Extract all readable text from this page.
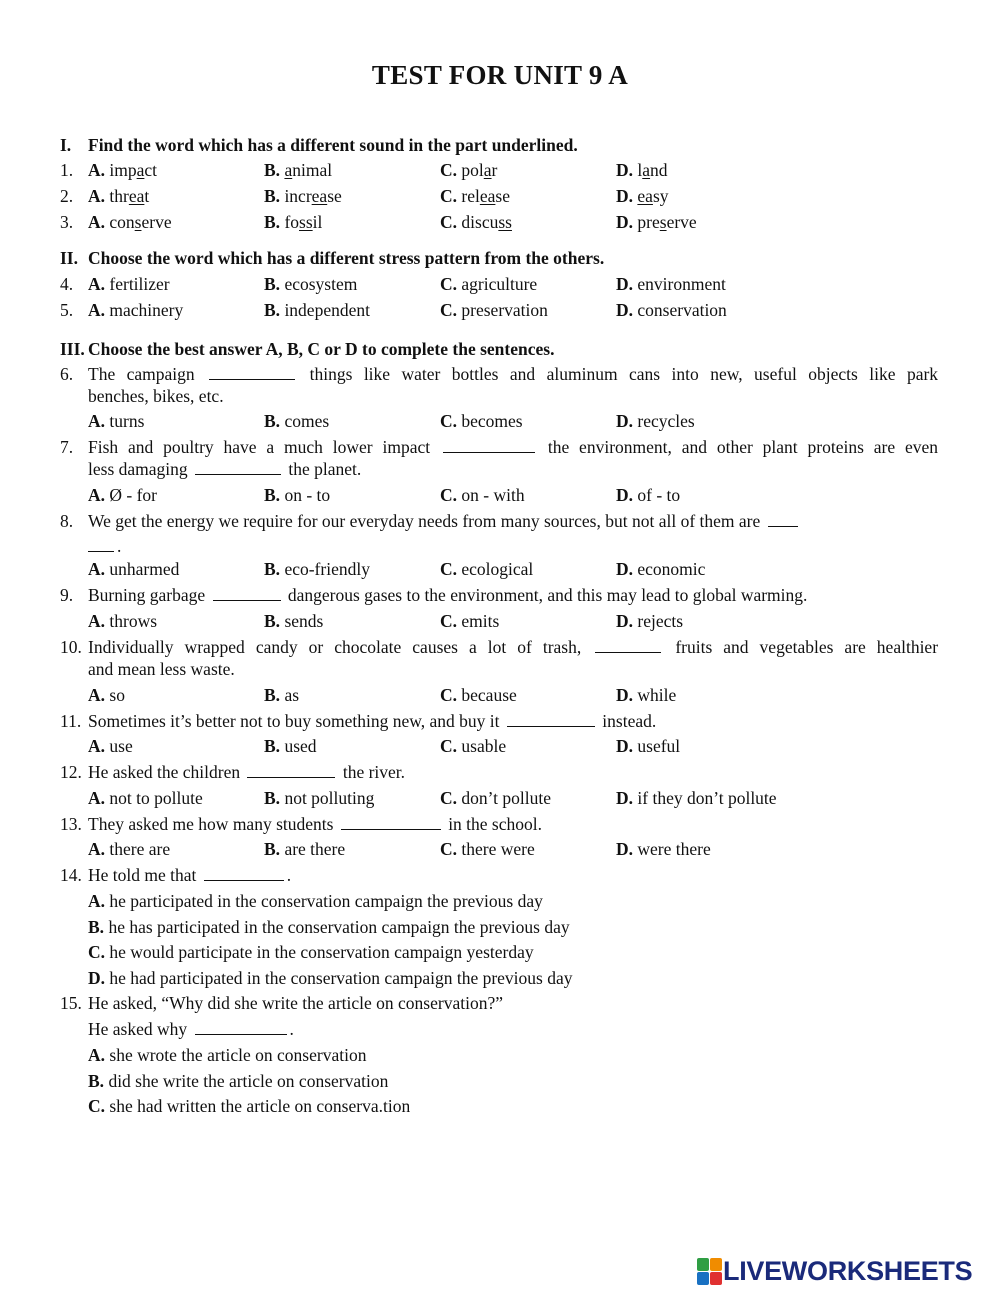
TEST FOR UNIT 9 A
I. Find the word which has a different sound in the part underlined.
1. A. impact	B. animal	C. polar	D. land
2. A. threat	B. increase	C. release	D. easy
3. A. conserve	B. fossil	C. discuss	D. preserve
II. Choose the word which has a different stress pattern from the others.
4. A. fertilizer	B. ecosystem	C. agriculture	D. environment
5. A. machinery	B. independent	C. preservation	D. conservation
III. Choose the best answer A, B, C or D to complete the sentences.
6. The campaign	things like water bottles and aluminum cans into new, useful objects like park
benches, bikes, etc.
A. turns	B. comes	C. becomes	D. recycles
7. Fish and poultry have a much lower impact	the environment, and other plant proteins are even
less damaging	the planet.
A. Ø - for	B. on - to	C. on - with	D. of - to
8. We get the energy we require for our everyday needs from many sources, but not all of them are
.
A. unharmed	B. eco-friendly	C. ecological	D. economic
9. Burning garbage	dangerous gases to the environment, and this may lead to global warming.
A. throws	B. sends	C. emits	D. rejects
10. Individually wrapped candy or chocolate causes a lot of trash,	fruits and vegetables are healthier
and mean less waste.
A. so	B. as	C. because	D. while
11. Sometimes it’s better not to buy something new, and buy it	instead.
A. use	B. used	C. usable	D. useful
12. He asked the children	the river.
A. not to pollute	B. not polluting	C. don’t pollute	D. if they don’t pollute
13. They asked me how many students	in the school.
A. there are	B. are there	C. there were	D. were there
14. He told me that	.
A. he participated in the conservation campaign the previous day
B. he has participated in the conservation campaign the previous day
C. he would participate in the conservation campaign yesterday
D. he had participated in the conservation campaign the previous day
15. He asked, “Why did she write the article on conservation?”
He asked why	.
A. she wrote the article on conservation
B. did she write the article on conservation
C. she had written the article on conserva.tion
LIVEWORKSHEETS
